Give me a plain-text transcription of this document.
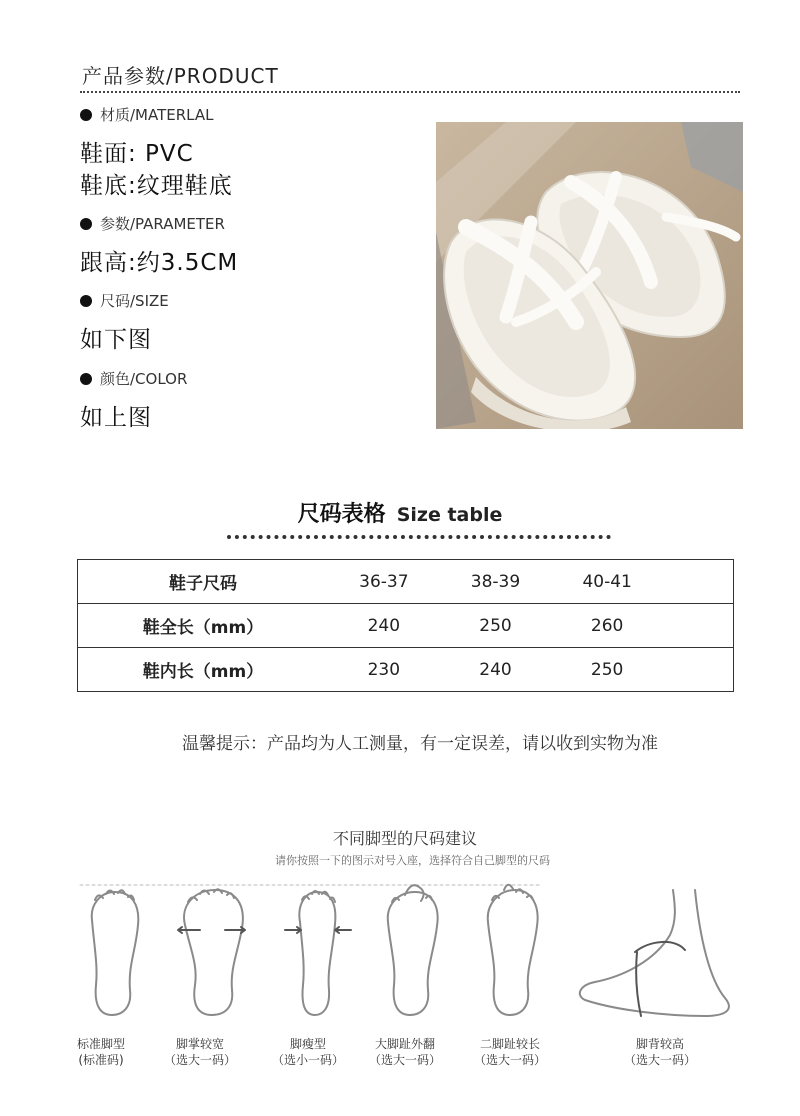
产品参数/PRODUCT
材质/MATERLAL
鞋面: PVC
鞋底:纹理鞋底
参数/PARAMETER
跟高:约3.5CM
尺码/SIZE
如下图
颜色/COLOR
如上图
尺码表格 Size table
鞋子尺码	36-37	38-39	40-41	
鞋全长（mm）	240	250	260	
鞋内长（mm）	230	240	250	
温馨提示：产品均为人工测量，有一定误差，请以收到实物为准
不同脚型的尺码建议
请你按照一下的图示对号入座，选择符合自己脚型的尺码
标准脚型
(标准码)
脚掌较宽
（选大一码）
脚瘦型
（选小一码）
大脚趾外翻
（选大一码）
二脚趾较长
（选大一码）
脚背较高
（选大一码）
